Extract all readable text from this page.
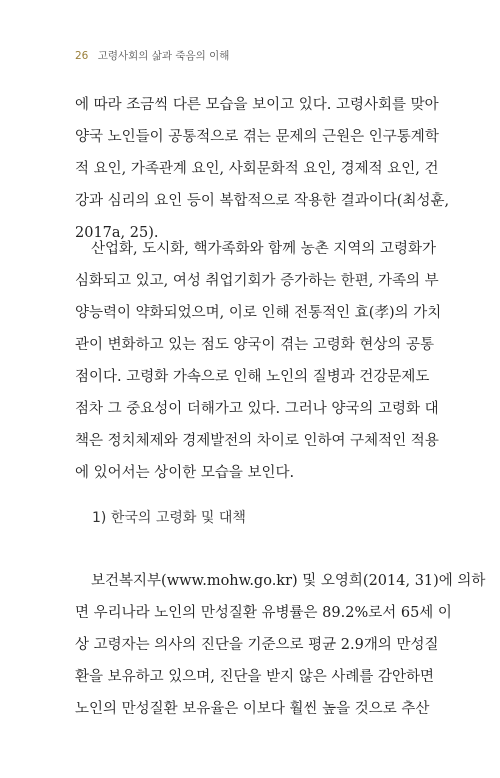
26 고령사회의 삶과 죽음의 이해
에 따라 조금씩 다른 모습을 보이고 있다. 고령사회를 맞아
양국 노인들이 공통적으로 겪는 문제의 근원은 인구통계학
적 요인, 가족관계 요인, 사회문화적 요인, 경제적 요인, 건
강과 심리의 요인 등이 복합적으로 작용한 결과이다(최성훈,
2017a, 25).
산업화, 도시화, 핵가족화와 함께 농촌 지역의 고령화가
심화되고 있고, 여성 취업기회가 증가하는 한편, 가족의 부
양능력이 약화되었으며, 이로 인해 전통적인 효(孝)의 가치
관이 변화하고 있는 점도 양국이 겪는 고령화 현상의 공통
점이다. 고령화 가속으로 인해 노인의 질병과 건강문제도
점차 그 중요성이 더해가고 있다. 그러나 양국의 고령화 대
책은 정치체제와 경제발전의 차이로 인하여 구체적인 적용
에 있어서는 상이한 모습을 보인다.
1) 한국의 고령화 및 대책
보건복지부(www.mohw.go.kr) 및 오영희(2014, 31)에 의하
면 우리나라 노인의 만성질환 유병률은 89.2%로서 65세 이
상 고령자는 의사의 진단을 기준으로 평균 2.9개의 만성질
환을 보유하고 있으며, 진단을 받지 않은 사례를 감안하면
노인의 만성질환 보유율은 이보다 훨씬 높을 것으로 추산
